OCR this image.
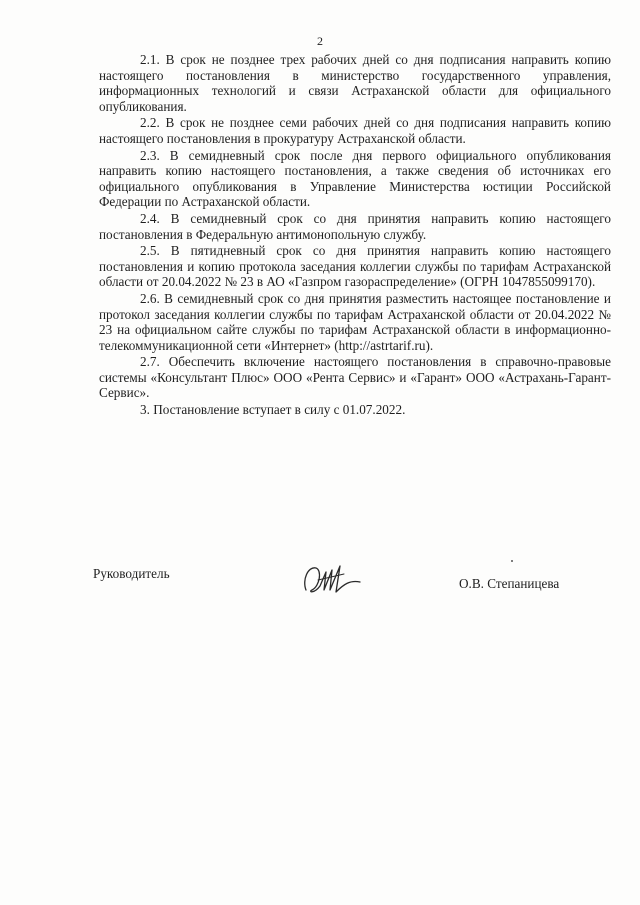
2

2.1. В срок не позднее трех рабочих дней со дня подписания направить копию настоящего постановления в министерство государственного управления, информационных технологий и связи Астраханской области для официального опубликования.

2.2. В срок не позднее семи рабочих дней со дня подписания направить копию настоящего постановления в прокуратуру Астраханской области.

2.3. В семидневный срок после дня первого официального опубликования направить копию настоящего постановления, а также сведения об источниках его официального опубликования в Управление Министерства юстиции Российской Федерации по Астраханской области.

2.4. В семидневный срок со дня принятия направить копию настоящего постановления в Федеральную антимонопольную службу.

2.5. В пятидневный срок со дня принятия направить копию настоящего постановления и копию протокола заседания коллегии службы по тарифам Астраханской области от 20.04.2022 № 23 в АО «Газпром газораспределение» (ОГРН 1047855099170).

2.6. В семидневный срок со дня принятия разместить настоящее постановление и протокол заседания коллегии службы по тарифам Астраханской области от 20.04.2022 № 23 на официальном сайте службы по тарифам Астраханской области в информационно-телекоммуникационной сети «Интернет» (http://astrtarif.ru).

2.7. Обеспечить включение настоящего постановления в справочно-правовые системы «Консультант Плюс» ООО «Рента Сервис» и «Гарант» ООО «Астрахань-Гарант-Сервис».

3. Постановление вступает в силу с 01.07.2022.

Руководитель
О.В. Степаницева
